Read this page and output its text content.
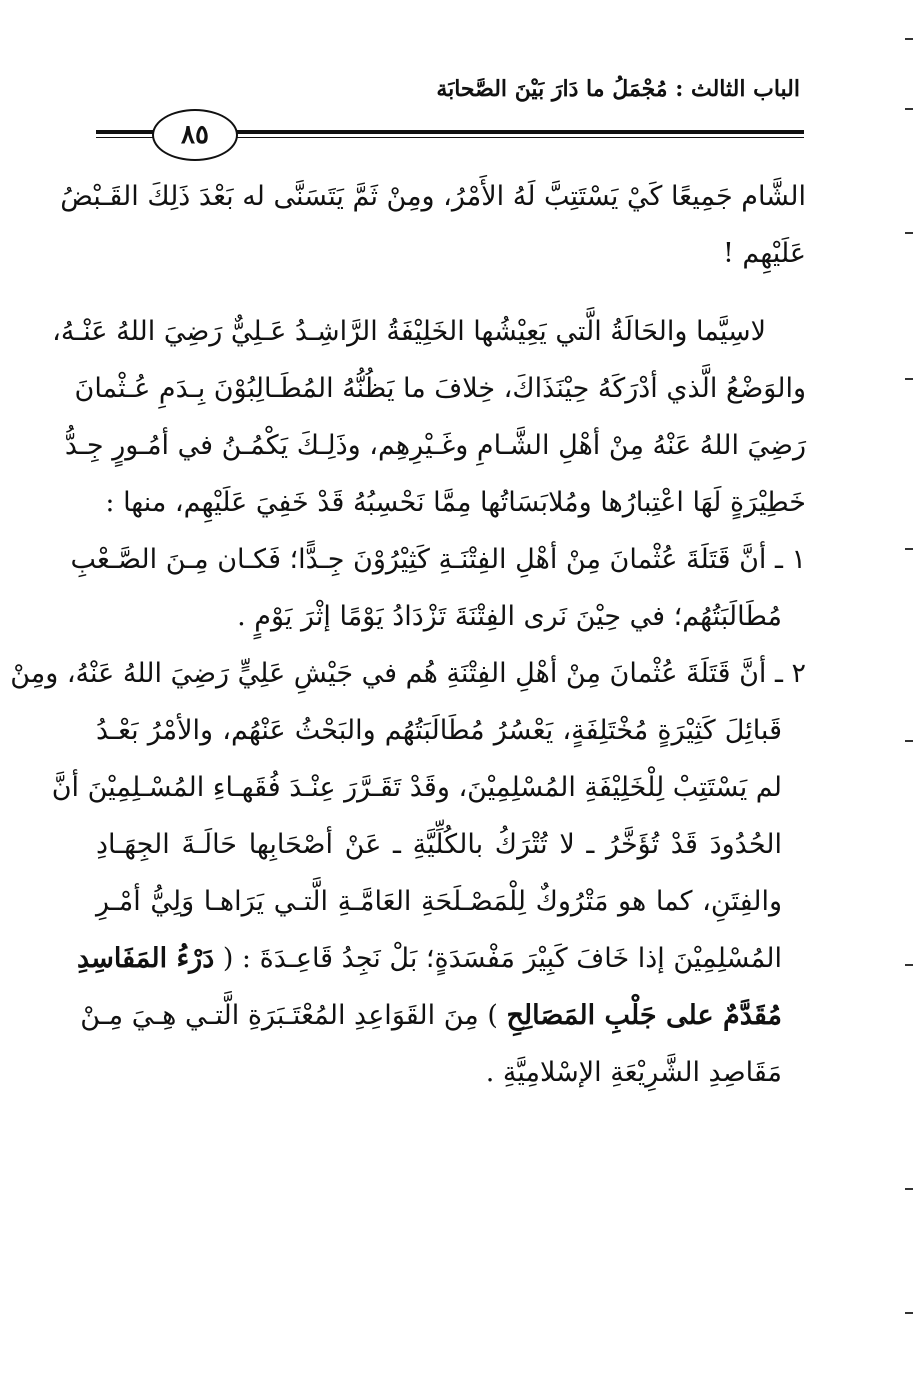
الباب الثالث : مُجْمَلُ ما دَارَ بَيْنَ الصَّحابَة
٨٥
الشَّام جَمِيعًا كَيْ يَسْتَتِبَّ لَهُ الأَمْرُ، ومِنْ ثَمَّ يَتَسَنَّى له بَعْدَ ذَلِكَ القَـبْضُ
عَلَيْهِم !
لاسِيَّما والحَالَةُ الَّتي يَعِيْشُها الخَلِيْفَةُ الرَّاشِـدُ عَـلِيٌّ رَضِيَ اللهُ عَنْـهُ،
والوَضْعُ الَّذي أدْرَكَهُ حِيْنَذَاكَ، خِلافَ ما يَظُنُّهُ المُطَـالِبُوْنَ بِـدَمِ عُـثْمانَ
رَضِيَ اللهُ عَنْهُ مِنْ أهْلِ الشَّـامِ وغَـيْرِهِم، وذَلِـكَ يَكْمُـنُ في أمُـورٍ جِـدُّ
خَطِيْرَةٍ لَهَا اعْتِبارُها ومُلابَسَاتُها مِمَّا نَحْسِبُهُ قَدْ خَفِيَ عَلَيْهِم، منها :
١ ـ أنَّ قَتَلَةَ عُثْمانَ مِنْ أهْلِ الفِتْنَـةِ كَثِيْرُوْنَ جِـدًّا؛ فَكـان مِـنَ الصَّـعْبِ
مُطَالَبَتُهُم؛ في حِيْنَ نَرى الفِتْنَةَ تَزْدَادُ يَوْمًا إثْرَ يَوْمٍ .
٢ ـ أنَّ قَتَلَةَ عُثْمانَ مِنْ أهْلِ الفِتْنَةِ هُم في جَيْشِ عَلِيٍّ رَضِيَ اللهُ عَنْهُ، ومِنْ
قَبائِلَ كَثِيْرَةٍ مُخْتَلِفَةٍ، يَعْسُرُ مُطَالَبَتُهُم والبَحْثُ عَنْهُم، والأمْرُ بَعْـدُ
لم يَسْتَتِبْ لِلْخَلِيْفَةِ المُسْلِمِيْنَ، وقَدْ تَقَـرَّرَ عِنْـدَ فُقَهـاءِ المُسْـلِمِيْنَ أنَّ
الحُدُودَ قَدْ تُؤَخَّرُ ـ لا تُتْرَكُ بالكُلِّيَّةِ ـ عَنْ أصْحَابِها حَالَـةَ الجِهَـادِ
والفِتَنِ، كما هو مَتْرُوكٌ لِلْمَصْـلَحَةِ العَامَّـةِ الَّتـي يَرَاهـا وَلِيُّ أمْـرِ
المُسْلِمِيْنَ إذا خَافَ كَبِيْرَ مَفْسَدَةٍ؛ بَلْ نَجِدُ قَاعِـدَةَ : ( دَرْءُ المَفَاسِدِ
مُقَدَّمٌ على جَلْبِ المَصَالِحِ ) مِنَ القَوَاعِدِ المُعْتَـبَرَةِ الَّتـي هِـيَ مِـنْ
مَقَاصِدِ الشَّرِيْعَةِ الإسْلامِيَّةِ .
